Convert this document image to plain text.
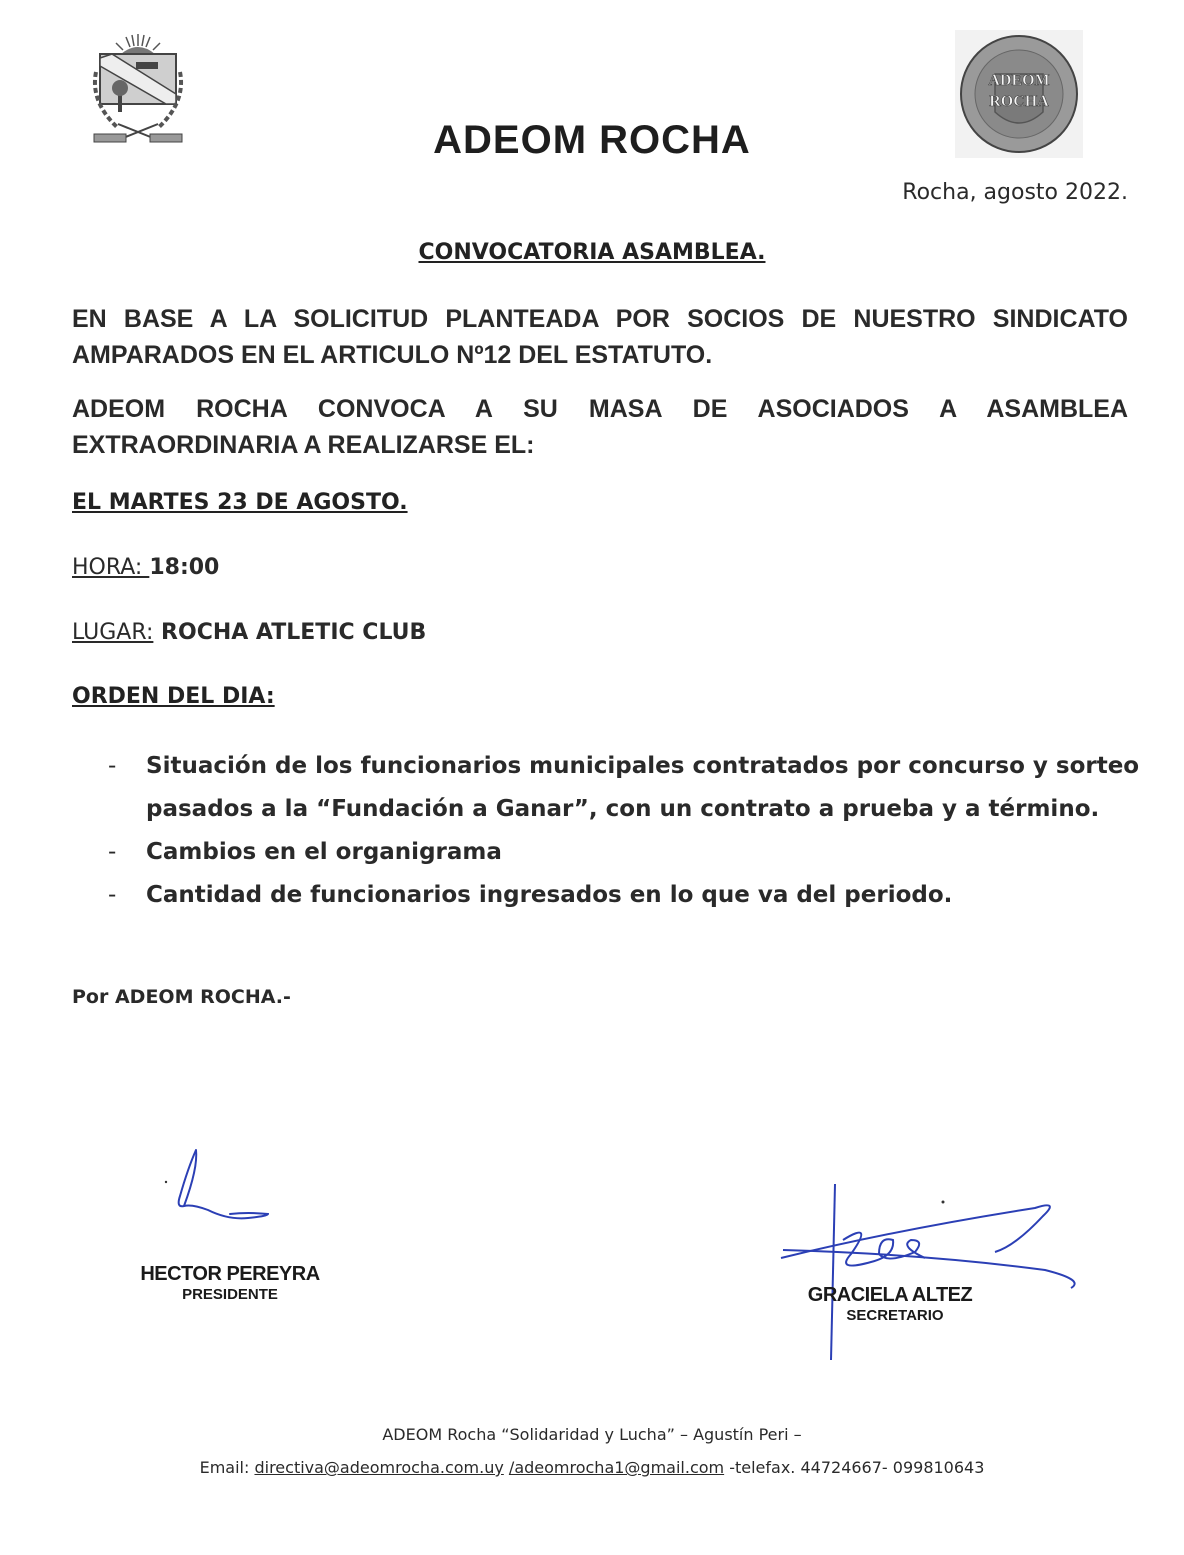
ADEOM
ROCHA
ADEOM ROCHA
Rocha, agosto 2022.
CONVOCATORIA ASAMBLEA.
EN BASE A LA SOLICITUD PLANTEADA POR SOCIOS DE NUESTRO SINDICATO AMPARADOS EN EL ARTICULO Nº12 DEL ESTATUTO.
ADEOM ROCHA CONVOCA A SU MASA DE ASOCIADOS A ASAMBLEA
EXTRAORDINARIA A REALIZARSE EL:
EL MARTES 23 DE AGOSTO.
HORA: 18:00
LUGAR: ROCHA ATLETIC CLUB
ORDEN DEL DIA:
- Situación de los funcionarios municipales contratados por concurso y sorteo pasados a la “Fundación a Ganar”, con un contrato a prueba y a término.
- Cambios en el organigrama
- Cantidad de funcionarios ingresados en lo que va del periodo.
Por ADEOM ROCHA.-
HECTOR PEREYRA
PRESIDENTE	GRACIELA ALTEZ
SECRETARIO
ADEOM Rocha “Solidaridad y Lucha” – Agustín Peri –
Email: directiva@adeomrocha.com.uy /adeomrocha1@gmail.com -telefax. 44724667- 099810643
